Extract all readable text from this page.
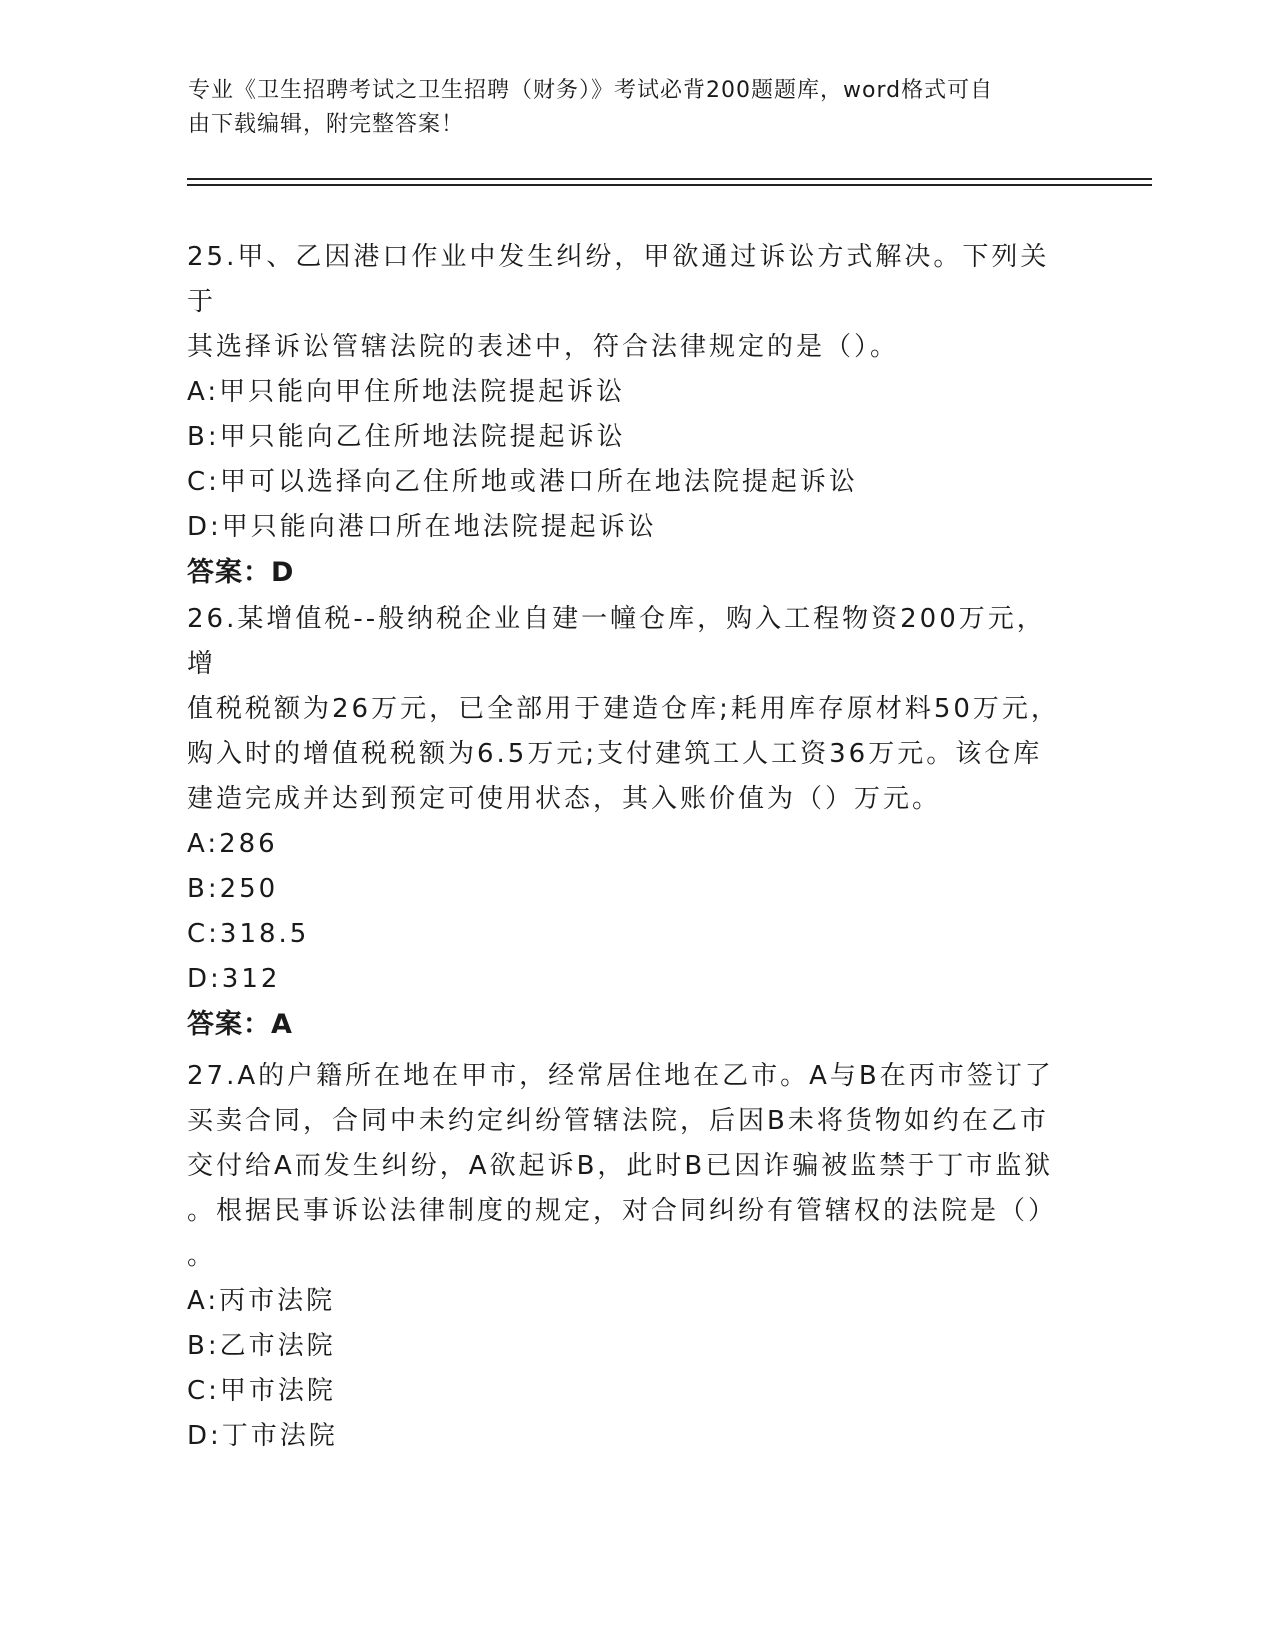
专业《卫生招聘考试之卫生招聘（财务）》考试必背200题题库，word格式可自
由下载编辑，附完整答案！

25.甲、乙因港口作业中发生纠纷，甲欲通过诉讼方式解决。下列关于

其选择诉讼管辖法院的表述中，符合法律规定的是（）。

A:甲只能向甲住所地法院提起诉讼

B:甲只能向乙住所地法院提起诉讼

C:甲可以选择向乙住所地或港口所在地法院提起诉讼

D:甲只能向港口所在地法院提起诉讼

答案：D

26.某增值税--般纳税企业自建一幢仓库，购入工程物资200万元，增

值税税额为26万元，已全部用于建造仓库;耗用库存原材料50万元，

购入时的增值税税额为6.5万元;支付建筑工人工资36万元。该仓库

建造完成并达到预定可使用状态，其入账价值为（）万元。

A:286

B:250

C:318.5

D:312

答案：A

27.A的户籍所在地在甲市，经常居住地在乙市。A与B在丙市签订了

买卖合同，合同中未约定纠纷管辖法院，后因B未将货物如约在乙市

交付给A而发生纠纷，A欲起诉B，此时B已因诈骗被监禁于丁市监狱

。根据民事诉讼法律制度的规定，对合同纠纷有管辖权的法院是（）

。

A:丙市法院

B:乙市法院

C:甲市法院

D:丁市法院
